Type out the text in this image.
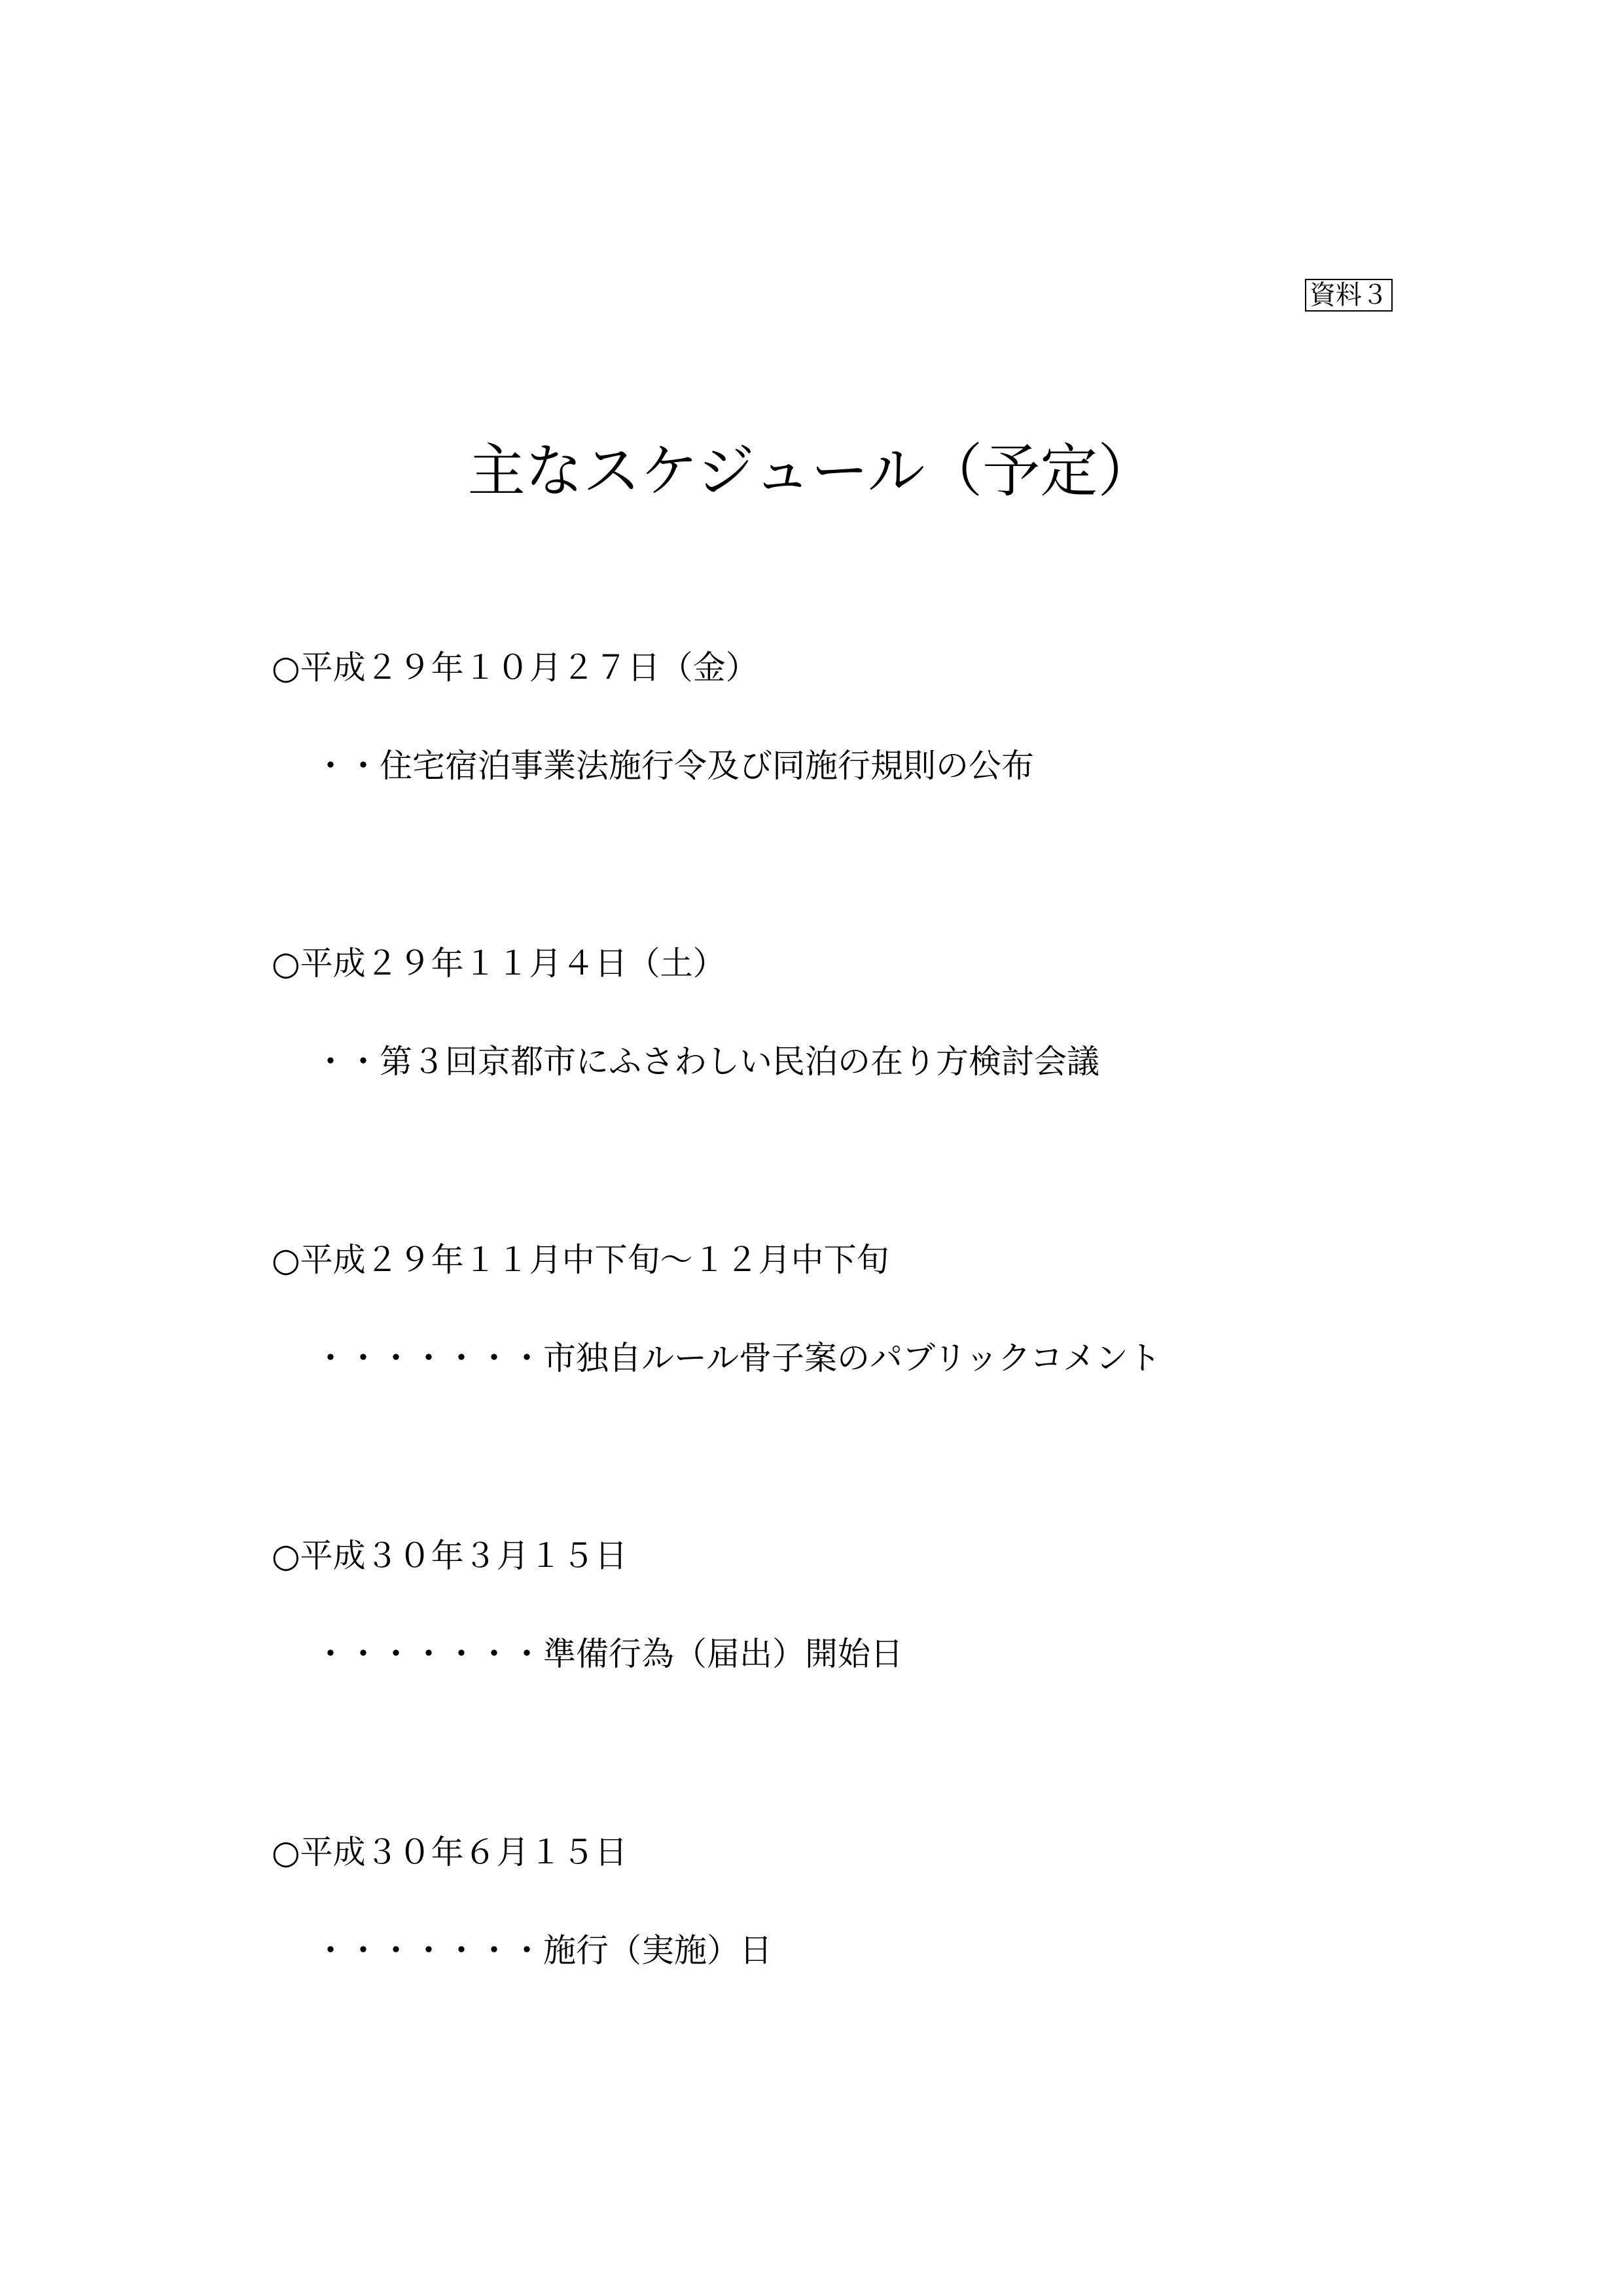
資料３
主なスケジュール（予定）
○平成２９年１０月２７日（金）
・・住宅宿泊事業法施行令及び同施行規則の公布
○平成２９年１１月４日（土）
・・第３回京都市にふさわしい民泊の在り方検討会議
○平成２９年１１月中下旬～１２月中下旬
・・・・・・・市独自ルール骨子案のパブリックコメント
○平成３０年３月１５日
・・・・・・・準備行為（届出）開始日
○平成３０年６月１５日
・・・・・・・施行（実施）日
